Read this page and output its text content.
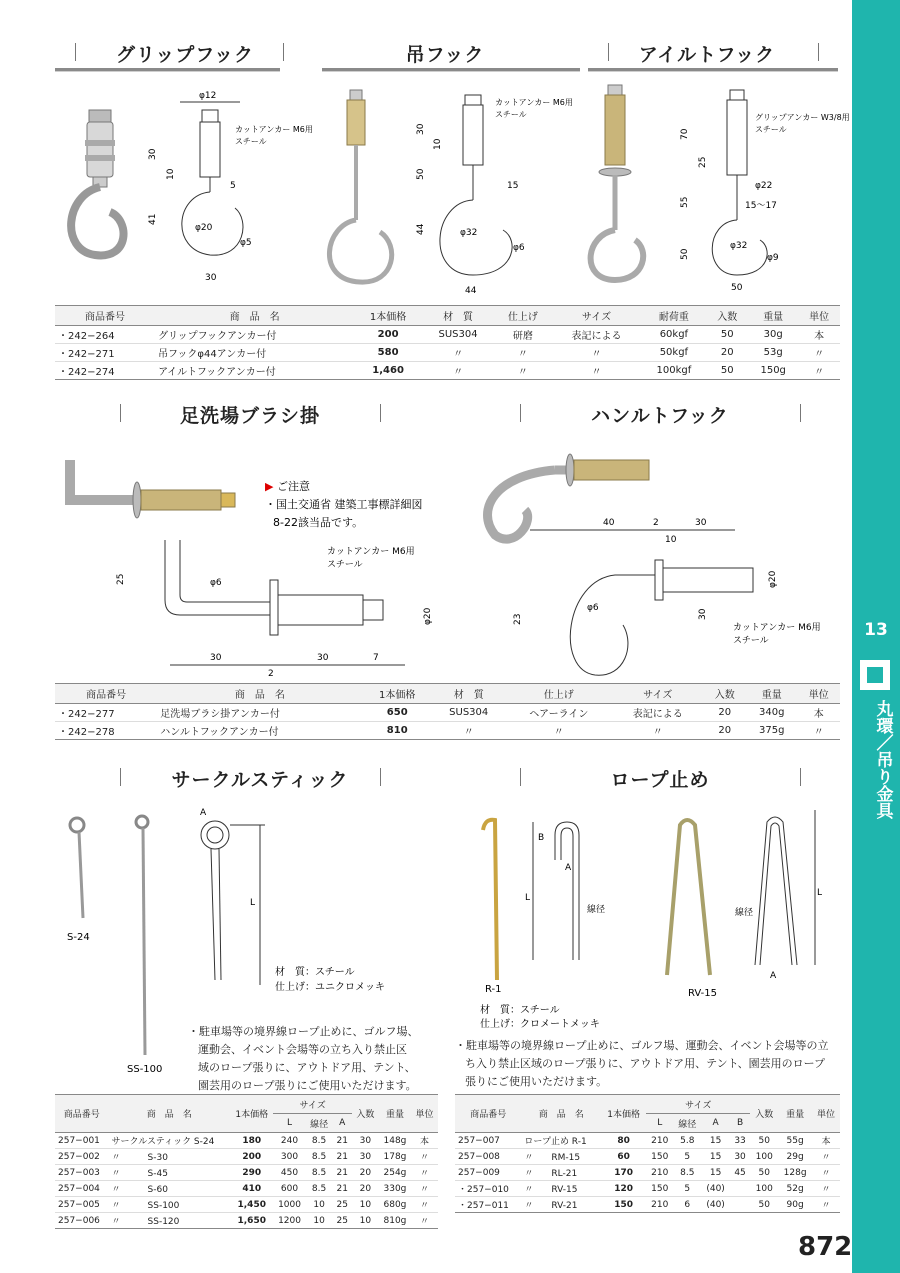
グリップフック	吊フック	アイルトフック
φ12
30
10
5
41
φ20
φ5
30
カットアンカー M6用
スチール
30
10
50
44
15
φ32
φ6
44
カットアンカー M6用
スチール
70
25
55
50
φ22
15〜17
φ32
φ9
50
グリップアンカー W3/8用
スチール
商品番号	商　品　名	1本価格	材　質	仕上げ	サイズ	耐荷重	入数	重量	単位
・242−264	グリップフックアンカー付	200	SUS304	研磨	表記による	60kgf	50	30g	本
・242−271	吊フックφ44アンカー付	580	〃	〃	〃	50kgf	20	53g	〃
・242−274	アイルトフックアンカー付	1,460	〃	〃	〃	100kgf	50	150g	〃
足洗場ブラシ掛	ハンルトフック
▶ ご注意
・国土交通省 建築工事標詳細図
8-22該当品です。
25	φ6
φ20
30
2
30	7
カットアンカー M6用
スチール
40	2	30
10
φ20
φ6
23	30
カットアンカー M6用
スチール
商品番号	商　品　名	1本価格	材　質	仕上げ	サイズ	入数	重量	単位
・242−277	足洗場ブラシ掛アンカー付	650	SUS304	ヘアーライン	表記による	20	340g	本
・242−278	ハンルトフックアンカー付	810	〃	〃	〃	20	375g	〃
サークルスティック	ロープ止め
S-24
SS-100
A
L
材　質：スチール
仕上げ：ユニクロメッキ	R-1
B
A
L
線径
RV-15
線径
A
L
材　質：スチール
仕上げ：クロメートメッキ
・駐車場等の境界線ロープ止めに、ゴルフ場、
運動会、イベント会場等の立ち入り禁止区
域のロープ張りに、アウトドア用、テント、
園芸用のロープ張りにご使用いただけます。
・駐車場等の境界線ロープ止めに、ゴルフ場、運動会、イベント会場等の立
ち入り禁止区域のロープ張りに、アウトドア用、テント、園芸用のロープ
張りにご使用いただけます。
商品番号	商　品　名	1本価格	サイズ			入数	重量	単位
			L	線径	A			
257−001	サークルスティック S-24	180	240	8.5	21	30	148g	本
257−002	〃　　　S-30	200	300	8.5	21	30	178g	〃
257−003	〃　　　S-45	290	450	8.5	21	20	254g	〃
257−004	〃　　　S-60	410	600	8.5	21	20	330g	〃
257−005	〃　　　SS-100	1,450	1000	10	25	10	680g	〃
257−006	〃　　　SS-120	1,650	1200	10	25	10	810g	〃
商品番号	商　品　名	1本価格	サイズ				入数	重量	単位
			L	線径	A	B			
257−007	ロープ止め R-1	80	210	5.8	15	33	50	55g	本
257−008	〃　　RM-15	60	150	5	15	30	100	29g	〃
257−009	〃　　RL-21	170	210	8.5	15	45	50	128g	〃
・257−010	〃　　RV-15	120	150	5	(40)		100	52g	〃
・257−011	〃　　RV-21	150	210	6	(40)		50	90g	〃
13
丸環／吊り金具
872
